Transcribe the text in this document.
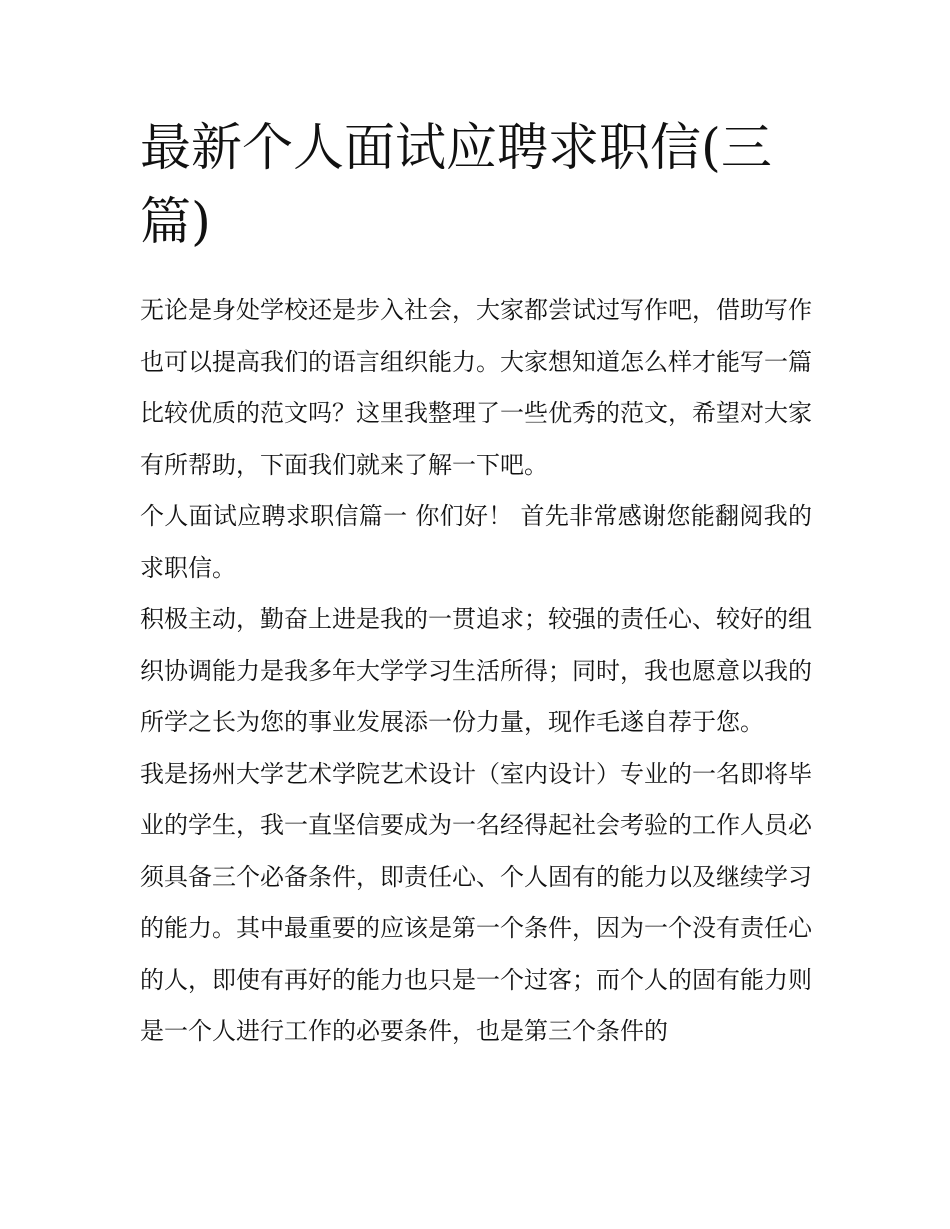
最新个人面试应聘求职信(三篇)

无论是身处学校还是步入社会，大家都尝试过写作吧，借助写作也可以提高我们的语言组织能力。大家想知道怎么样才能写一篇比较优质的范文吗？这里我整理了一些优秀的范文，希望对大家有所帮助，下面我们就来了解一下吧。

个人面试应聘求职信篇一 你们好！ 首先非常感谢您能翻阅我的求职信。

积极主动，勤奋上进是我的一贯追求；较强的责任心、较好的组织协调能力是我多年大学学习生活所得；同时，我也愿意以我的所学之长为您的事业发展添一份力量，现作毛遂自荐于您。

我是扬州大学艺术学院艺术设计（室内设计）专业的一名即将毕业的学生，我一直坚信要成为一名经得起社会考验的工作人员必须具备三个必备条件，即责任心、个人固有的能力以及继续学习的能力。其中最重要的应该是第一个条件，因为一个没有责任心的人，即使有再好的能力也只是一个过客；而个人的固有能力则是一个人进行工作的必要条件，也是第三个条件的
